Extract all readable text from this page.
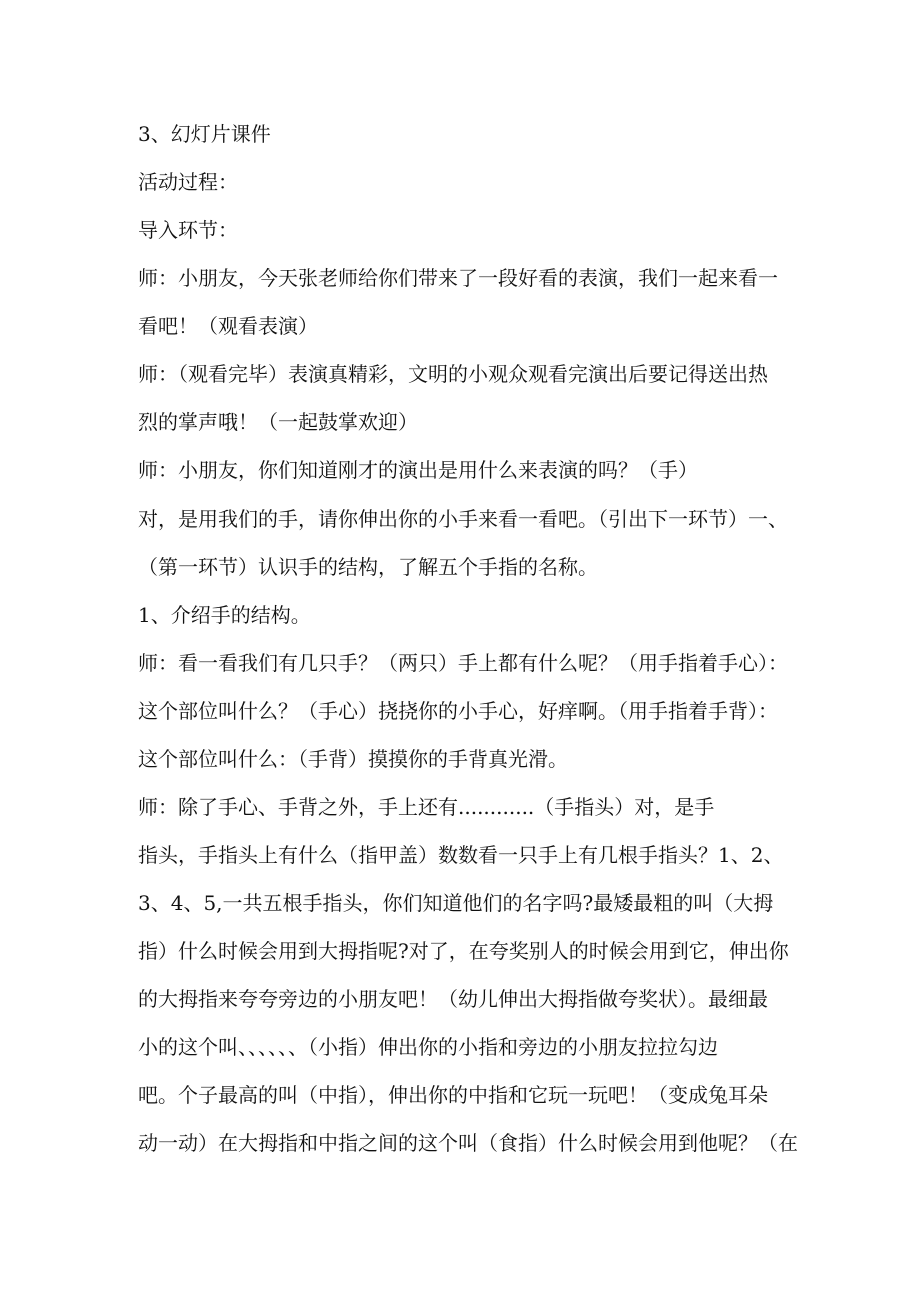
3、幻灯片课件
活动过程：
导入环节：
师：小朋友，今天张老师给你们带来了一段好看的表演，我们一起来看一
看吧！（观看表演）
师：（观看完毕）表演真精彩，文明的小观众观看完演出后要记得送出热
烈的掌声哦！（一起鼓掌欢迎）
师：小朋友，你们知道刚才的演出是用什么来表演的吗？（手）
对，是用我们的手，请你伸出你的小手来看一看吧。（引出下一环节）一、
（第一环节）认识手的结构，了解五个手指的名称。
1、介绍手的结构。
师：看一看我们有几只手？（两只）手上都有什么呢？（用手指着手心）：
这个部位叫什么？（手心）挠挠你的小手心，好痒啊。（用手指着手背）：
这个部位叫什么：（手背）摸摸你的手背真光滑。
师：除了手心、手背之外，手上还有............（手指头）对，是手
指头，手指头上有什么（指甲盖）数数看一只手上有几根手指头？1、2、
3、4、5,一共五根手指头，你们知道他们的名字吗?最矮最粗的叫（大拇
指）什么时候会用到大拇指呢?对了，在夸奖别人的时候会用到它，伸出你
的大拇指来夸夸旁边的小朋友吧！（幼儿伸出大拇指做夸奖状）。最细最
小的这个叫、、、、、、（小指）伸出你的小指和旁边的小朋友拉拉勾边
吧。个子最高的叫（中指），伸出你的中指和它玩一玩吧！（变成兔耳朵
动一动）在大拇指和中指之间的这个叫（食指）什么时候会用到他呢？（在
